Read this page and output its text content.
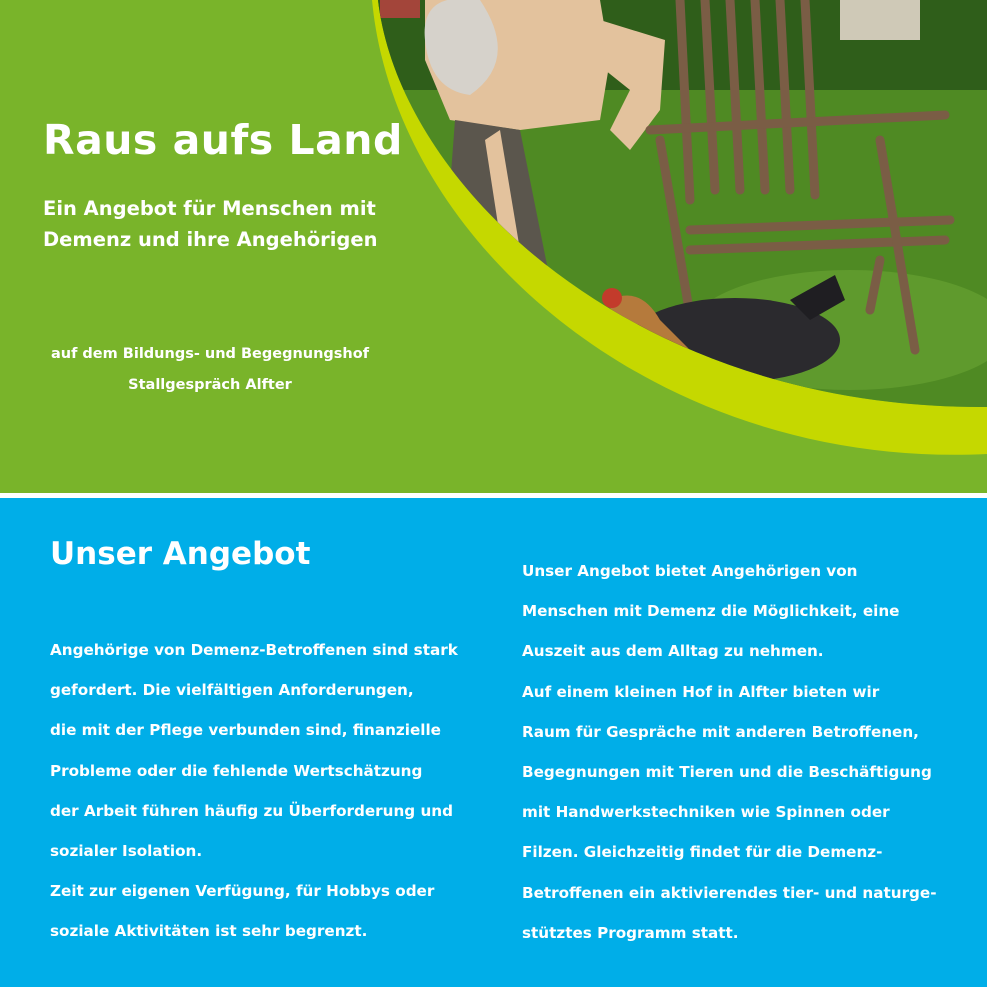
Raus aufs Land
Ein Angebot für Menschen mit
Demenz und ihre Angehörigen
auf dem Bildungs- und Begegnungshof
Stallgespräch Alfter
Unser Angebot
Angehörige von Demenz-Betroffenen sind stark
gefordert. Die vielfältigen Anforderungen,
die mit der Pflege verbunden sind, finanzielle
Probleme oder die fehlende Wertschätzung
der Arbeit führen häufig zu Überforderung und
sozialer Isolation.
Zeit zur eigenen Verfügung, für Hobbys oder
soziale Aktivitäten ist sehr begrenzt.
Unser Angebot bietet Angehörigen von
Menschen mit Demenz die Möglichkeit, eine
Auszeit aus dem Alltag zu nehmen.
Auf einem kleinen Hof in Alfter bieten wir
Raum für Gespräche mit anderen Betroffenen,
Begegnungen mit Tieren und die Beschäftigung
mit Handwerkstechniken wie Spinnen oder
Filzen. Gleichzeitig findet für die Demenz-
Betroffenen ein aktivierendes tier- und naturge-
stütztes Programm statt.
